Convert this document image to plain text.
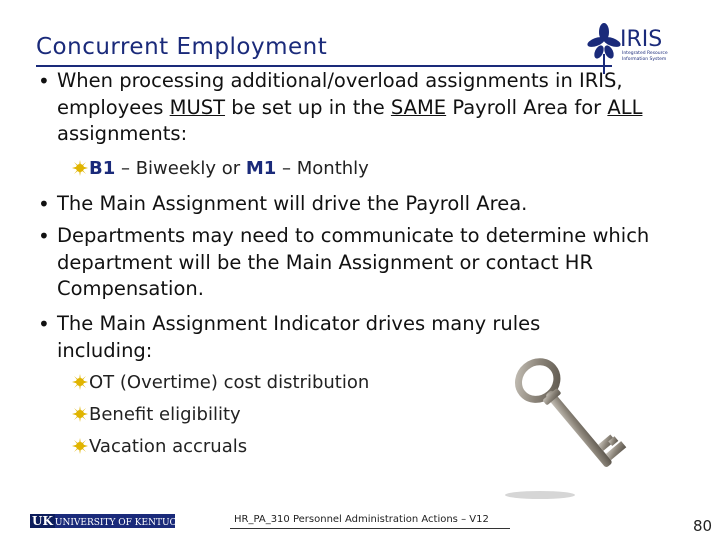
Concurrent Employment	IRIS
Integrated Resource
Information System
• When processing additional/overload assignments in IRIS, employees MUST be set up in the SAME Payroll Area for ALL assignments:
B1 – Biweekly or M1 – Monthly
• The Main Assignment will drive the Payroll Area.
• Departments may need to communicate to determine which department will be the Main Assignment or contact HR Compensation.
• The Main Assignment Indicator drives many rules including:
OT (Overtime) cost distribution
Benefit eligibility
Vacation accruals
UK UNIVERSITY OF KENTUCKY	HR_PA_310 Personnel Administration Actions – V12	80
